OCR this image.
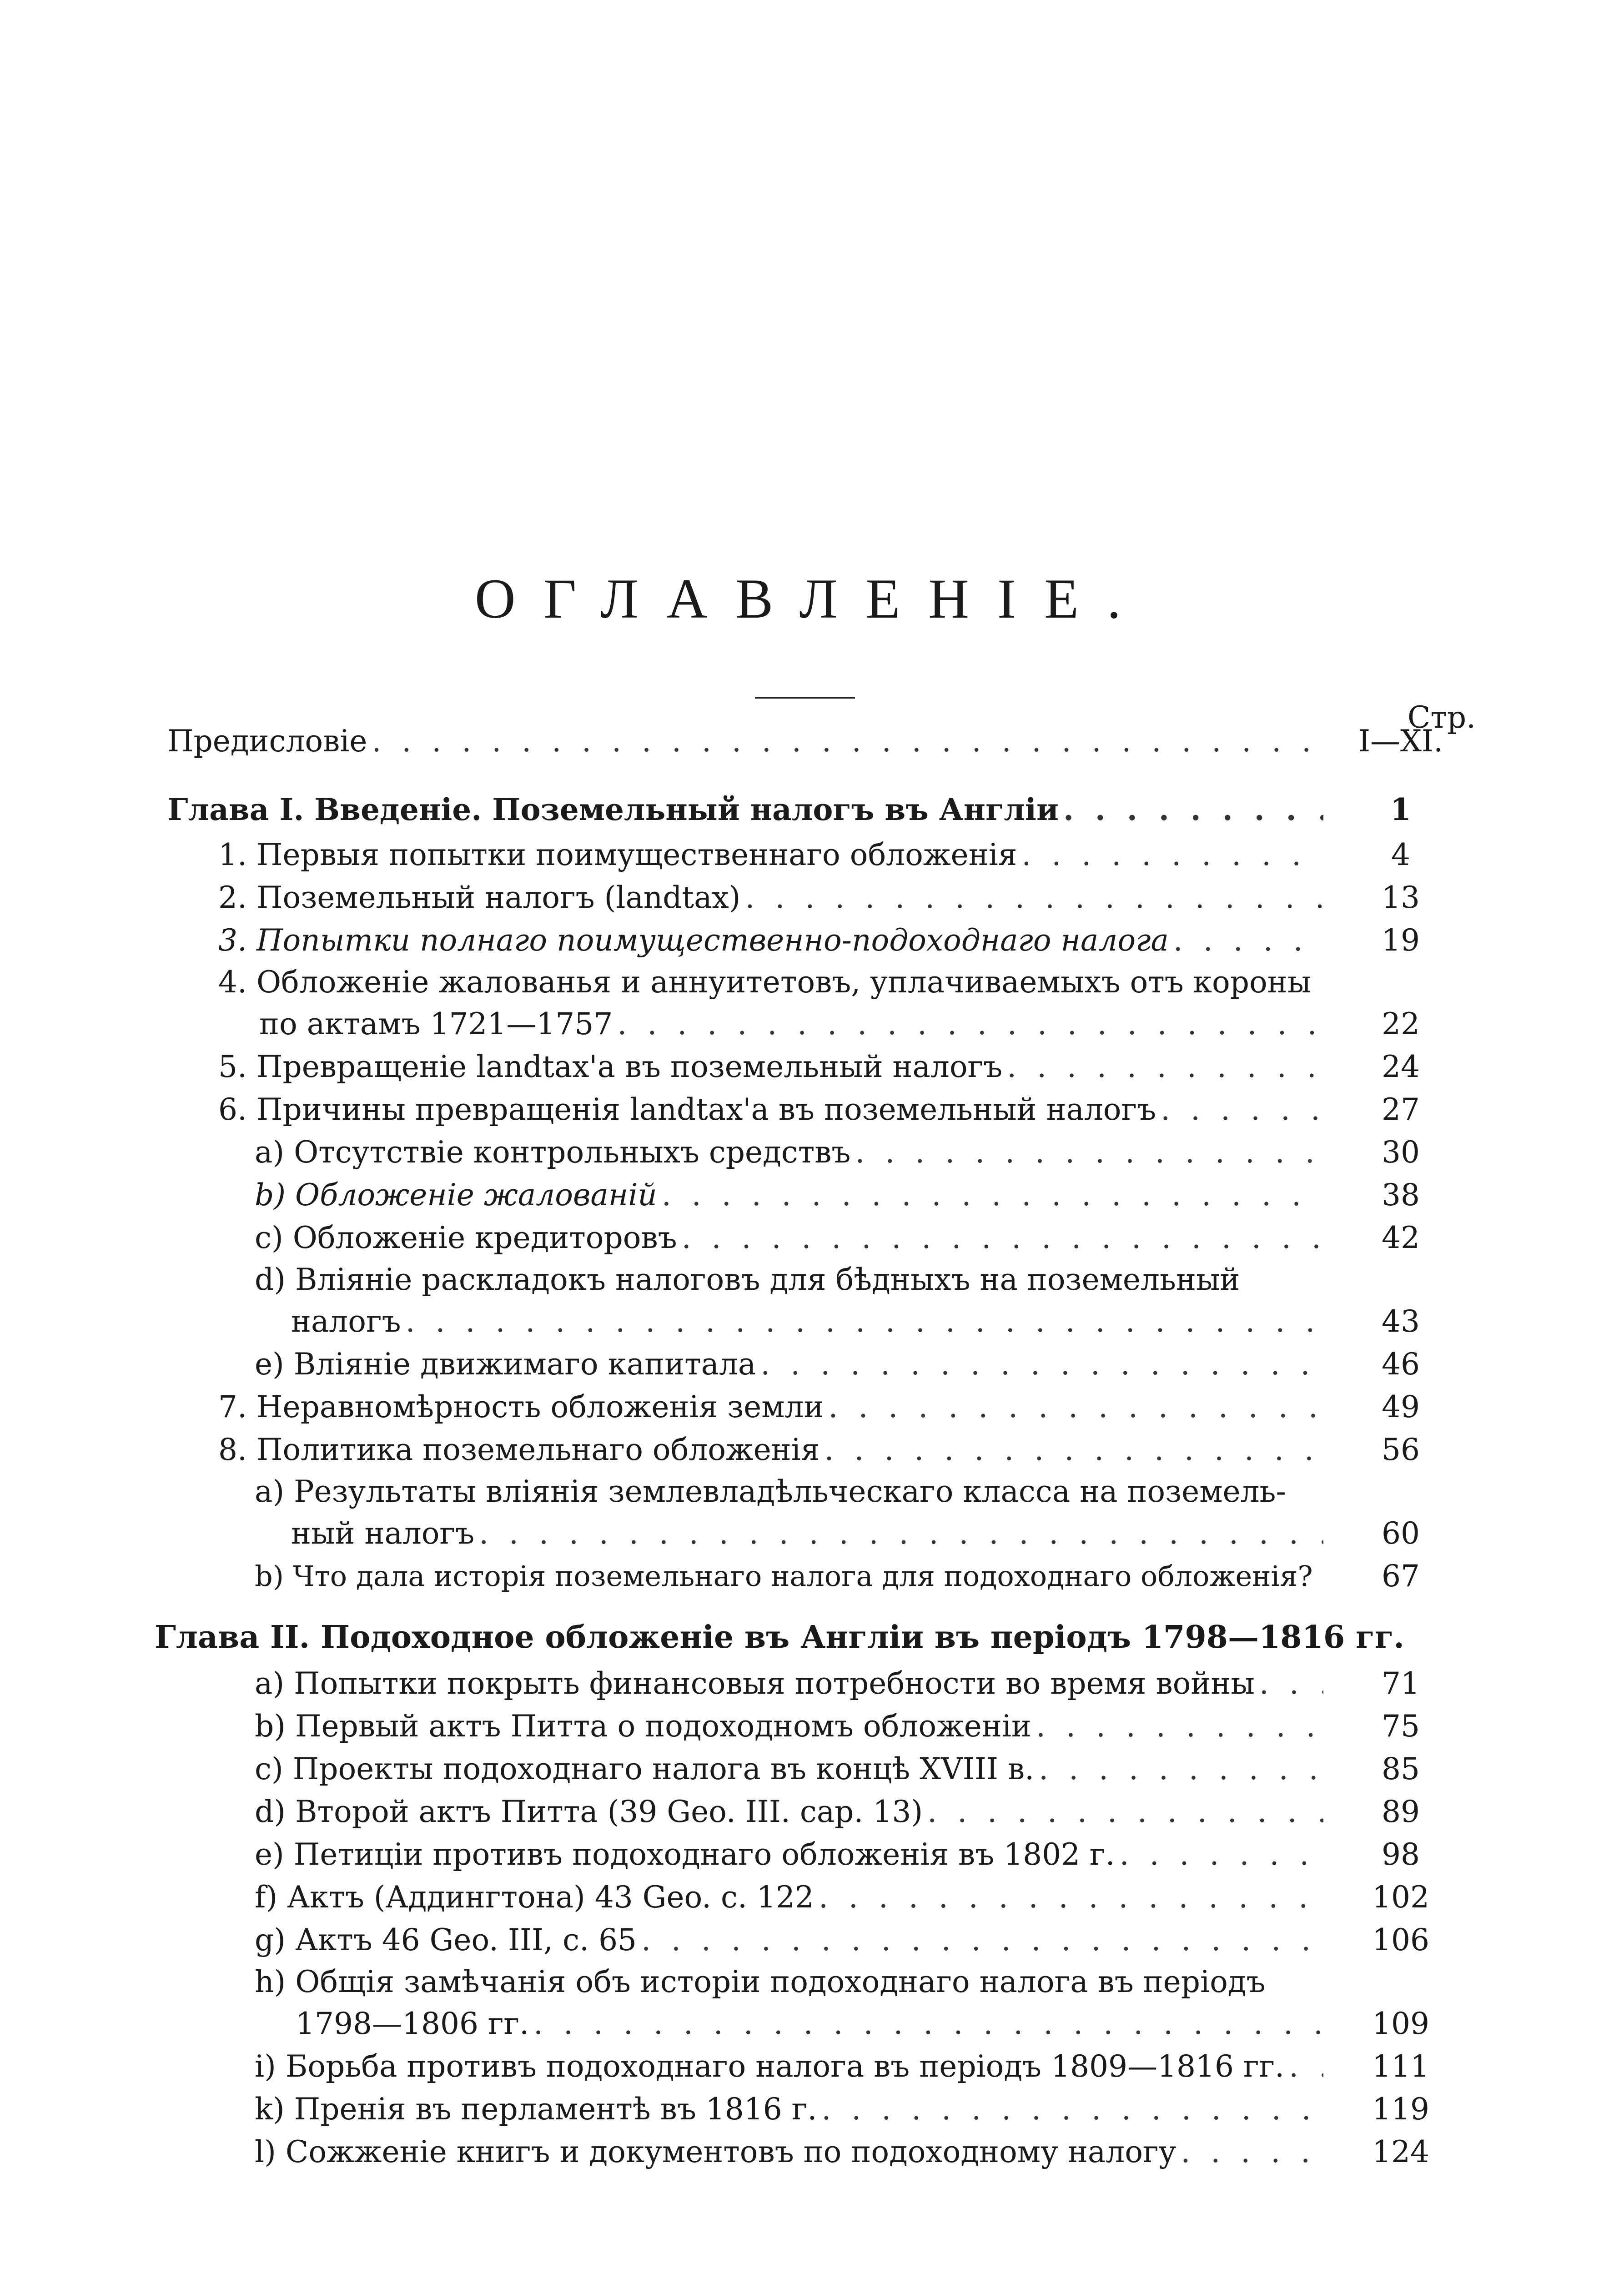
ОГЛАВЛЕНIЕ.
Стр.
Предисловiе . . .	I—XI.
Глава I. Введенiе. Поземельный налогъ въ Англiи . . .	1
1. Первыя попытки поимущественнаго обложенiя . . .	4
2. Поземельный налогъ (landtax) . . .	13
3. Попытки полнаго поимущественно-подоходнаго налога . . .	19
4. Обложенiе жалованья и аннуитетовъ, уплачиваемыхъ отъ короны
по актамъ 1721—1757 . . .	22
5. Превращенiе landtax'а въ поземельный налогъ . . .	24
6. Причины превращенiя landtax'а въ поземельный налогъ . . .	27
a) Отсутствiе контрольныхъ средствъ . . .	30
b) Обложенiе жалованiй . . .	38
c) Обложенiе кредиторовъ . . .	42
d) Влiянiе раскладокъ налоговъ для бѣдныхъ на поземельный
налогъ . . .	43
e) Влiянiе движимаго капитала . . .	46
7. Неравномѣрность обложенiя земли . . .	49
8. Политика поземельнаго обложенiя . . .	56
a) Результаты влiянiя землевладѣльческаго класса на поземель-
ный налогъ . . .	60
b) Что дала исторiя поземельнаго налога для подоходнаго обложенiя?	67
Глава II. Подоходное обложенiе въ Англiи въ перiодъ 1798—1816 гг.
a) Попытки покрыть финансовыя потребности во время войны . . .	71
b) Первый актъ Питта о подоходномъ обложенiи . . .	75
c) Проекты подоходнаго налога въ концѣ XVIII в. . . .	85
d) Второй актъ Питта (39 Geo. III. cap. 13) . . .	89
e) Петицiи противъ подоходнаго обложенiя въ 1802 г. . . .	98
f) Актъ (Аддингтона) 43 Geo. c. 122 . . .	102
g) Актъ 46 Geo. III, c. 65 . . .	106
h) Общiя замѣчанiя объ исторiи подоходнаго налога въ перiодъ
1798—1806 гг. . . .	109
i) Борьба противъ подоходнаго налога въ перiодъ 1809—1816 гг. . . .	111
k) Пренiя въ перламентѣ въ 1816 г. . . .	119
l) Сожженiе книгъ и документовъ по подоходному налогу . . .	124
